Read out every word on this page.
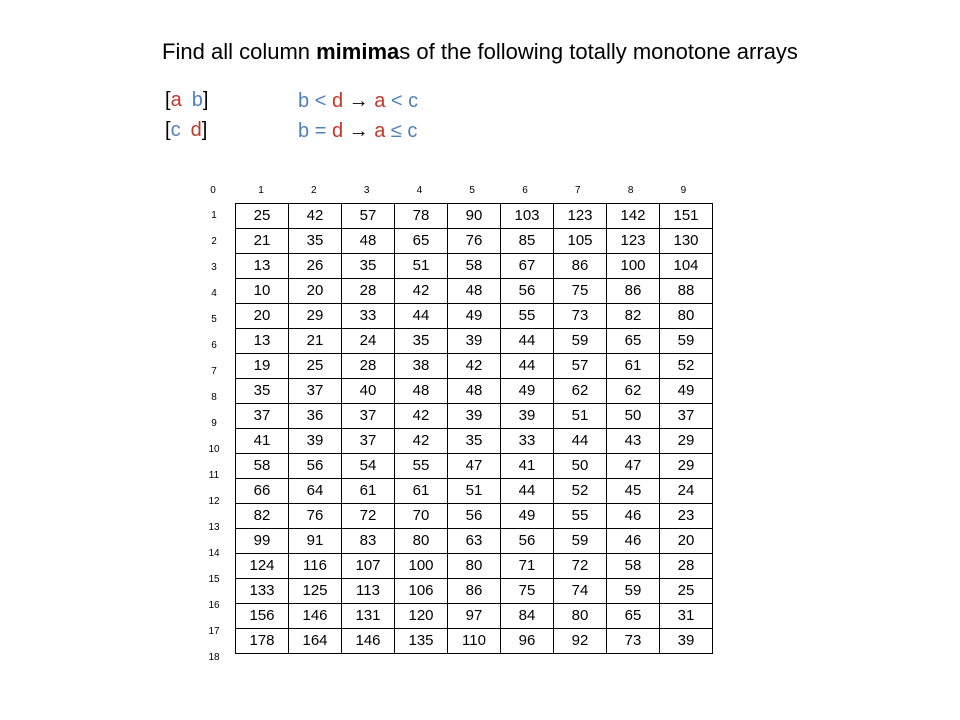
Find all column mimimas of the following totally monotone arrays
[a b]
[c d]
b < d → a < c
b = d → a ≤ c
0	1	2	3	4	5	6	7	8	9
1
2
3
4
5
6
7
8
9
10
11
12
13
14
15
16
17
18
25	42	57	78	90	103	123	142	151
21	35	48	65	76	85	105	123	130
13	26	35	51	58	67	86	100	104
10	20	28	42	48	56	75	86	88
20	29	33	44	49	55	73	82	80
13	21	24	35	39	44	59	65	59
19	25	28	38	42	44	57	61	52
35	37	40	48	48	49	62	62	49
37	36	37	42	39	39	51	50	37
41	39	37	42	35	33	44	43	29
58	56	54	55	47	41	50	47	29
66	64	61	61	51	44	52	45	24
82	76	72	70	56	49	55	46	23
99	91	83	80	63	56	59	46	20
124	116	107	100	80	71	72	58	28
133	125	113	106	86	75	74	59	25
156	146	131	120	97	84	80	65	31
178	164	146	135	110	96	92	73	39
